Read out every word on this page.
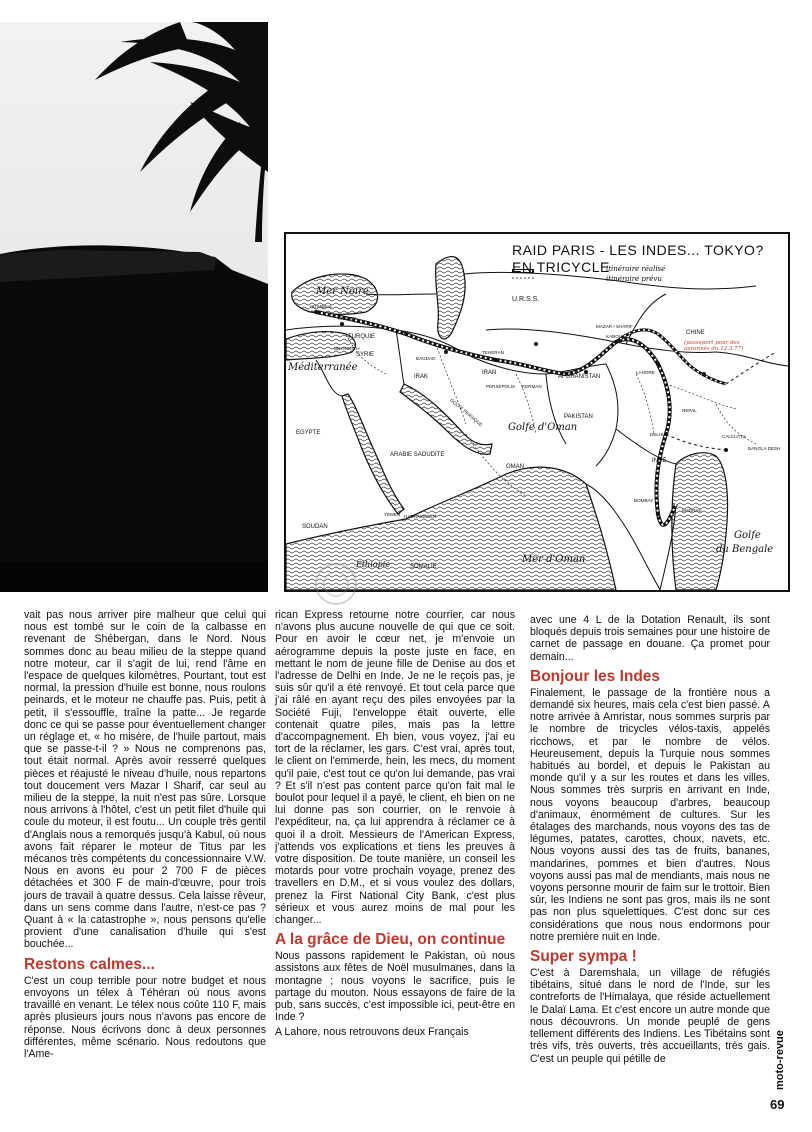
RAID PARIS - LES INDES... TOKYO?
EN TRICYCLE
itinéraire réalisé
itinéraire prévu
Mer Noire
U.R.S.S.
TURQUIE
SYRIE
Méditerranée
IRAK
IRAN
AFGHANISTAN
PAKISTAN
CHINE
(passeport pour des autorisés du 12.3.77)
EGYPTE
ARABIE SAOUDITE
Golfe d'Oman
GOLFE PERSIQUE
OMAN
INDE
DELHI
NEPAL
BANGLA DESH
SOUDAN
YEMEN HADRAMAOUT
Ethiopie	SOMALIE
Mer d'Oman
Golfe
du Bengale
KABOUL
LAHORE
TEHERAN
ISTANBUL
ANKARA
BAGDAD
BEYROUTH
BOMBAY
MADRAS
CALCUTTA
PERSEPOLIS KERMAN
MAZAR I SHARIF

vait pas nous arriver pire malheur que celui qui nous est tombé sur le coin de la calbasse en revenant de Shébergan, dans le Nord. Nous sommes donc au beau milieu de la steppe quand notre moteur, car il s'agit de lui, rend l'âme en l'espace de quelques kilomètres. Pourtant, tout est normal, la pression d'huile est bonne, nous roulons peinards, et le moteur ne chauffe pas. Puis, petit à petit, il s'essouffle, traîne la patte... Je regarde donc ce qui se passe pour éventuellement changer un réglage et, « ho misère, de l'huile partout, mais que se passe-t-il ? » Nous ne comprenons pas, tout était normal. Après avoir resserré quelques pièces et réajusté le niveau d'huile, nous repartons tout doucement vers Mazar I Sharif, car seul au milieu de la steppe, la nuit n'est pas sûre. Lorsque nous arrivons à l'hôtel, c'est un petit filet d'huile qui coule du moteur, il est foutu... Un couple très gentil d'Anglais nous a remorqués jusqu'à Kabul, où nous avons fait réparer le moteur de Titus par les mécanos très compétents du concessionnaire V.W. Nous en avons eu pour 2 700 F de pièces détachées et 300 F de main-d'œuvre, pour trois jours de travail à quatre dessus. Cela laisse rêveur, dans un sens comme dans l'autre, n'est-ce pas ? Quant à « la catastrophe », nous pensons qu'elle provient d'une canalisation d'huile qui s'est bouchée...

Restons calmes...

C'est un coup terrible pour notre budget et nous envoyons un télex à Téhéran où nous avons travaillé en venant. Le télex nous coûte 110 F, mais après plusieurs jours nous n'avons pas encore de réponse. Nous écrivons donc à deux personnes différentes, même scénario. Nous redoutons que l'Ame-

rican Express retourne notre courrier, car nous n'avons plus aucune nouvelle de qui que ce soit. Pour en avoir le cœur net, je m'envoie un aérogramme depuis la poste juste en face, en mettant le nom de jeune fille de Denise au dos et l'adresse de Delhi en Inde. Je ne le reçois pas, je suis sûr qu'il a été renvoyé. Et tout cela parce que j'ai râlé en ayant reçu des piles envoyées par la Société Fuji, l'enveloppe était ouverte, elle contenait quatre piles, mais pas la lettre d'accompagnement. Eh bien, vous voyez, j'ai eu tort de la réclamer, les gars. C'est vrai, après tout, le client on l'emmerde, hein, les mecs, du moment qu'il paie, c'est tout ce qu'on lui demande, pas vrai ? Et s'il n'est pas content parce qu'on fait mal le boulot pour lequel il a payé, le client, eh bien on ne lui donne pas son courrier, on le renvoie à l'expéditeur, na, ça lui apprendra à réclamer ce à quoi il a droit. Messieurs de l'American Express, j'attends vos explications et tiens les preuves à votre disposition. De toute manière, un conseil les motards pour votre prochain voyage, prenez des travellers en D.M., et si vous voulez des dollars, prenez la First National City Bank, c'est plus sérieux et vous aurez moins de mal pour les changer...

A la grâce de Dieu, on continue

Nous passons rapidement le Pakistan, où nous assistons aux fêtes de Noël musulmanes, dans la montagne ; nous voyons le sacrifice, puis le partage du mouton. Nous essayons de faire de la pub, sans succès, c'est impossible ici, peut-être en Inde ?

A Lahore, nous retrouvons deux Français

avec une 4 L de la Dotation Renault, ils sont bloqués depuis trois semaines pour une histoire de carnet de passage en douane. Ça promet pour demain...

Bonjour les Indes

Finalement, le passage de la frontière nous a demandé six heures, mais cela c'est bien passé. A notre arrivée à Amristar, nous sommes surpris par le nombre de tricycles vélos-taxis, appelés ricchows, et par le nombre de vélos. Heureusement, depuis la Turquie nous sommes habitués au bordel, et depuis le Pakistan au monde qu'il y a sur les routes et dans les villes. Nous sommes très surpris en arrivant en Inde, nous voyons beaucoup d'arbres, beaucoup d'animaux, énormément de cultures. Sur les étalages des marchands, nous voyons des tas de légumes, patates, carottes, choux, navets, etc. Nous voyons aussi des tas de fruits, bananes, mandarines, pommes et bien d'autres. Nous voyons aussi pas mal de mendiants, mais nous ne voyons personne mourir de faim sur le trottoir. Bien sûr, les Indiens ne sont pas gros, mais ils ne sont pas non plus squelettiques. C'est donc sur ces considérations que nous nous endormons pour notre première nuit en Inde.

Super sympa !

C'est à Daremshala, un village de réfugiés tibétains, situé dans le nord de l'Inde, sur les contreforts de l'Himalaya, que réside actuellement le Dalaï Lama. Et c'est encore un autre monde que nous découvrons. Un monde peuplé de gens tellement différents des Indiens. Les Tibétains sont très vifs, très ouverts, très accueillants, très gais. C'est un peuple qui pétille de	moto-revue
69
